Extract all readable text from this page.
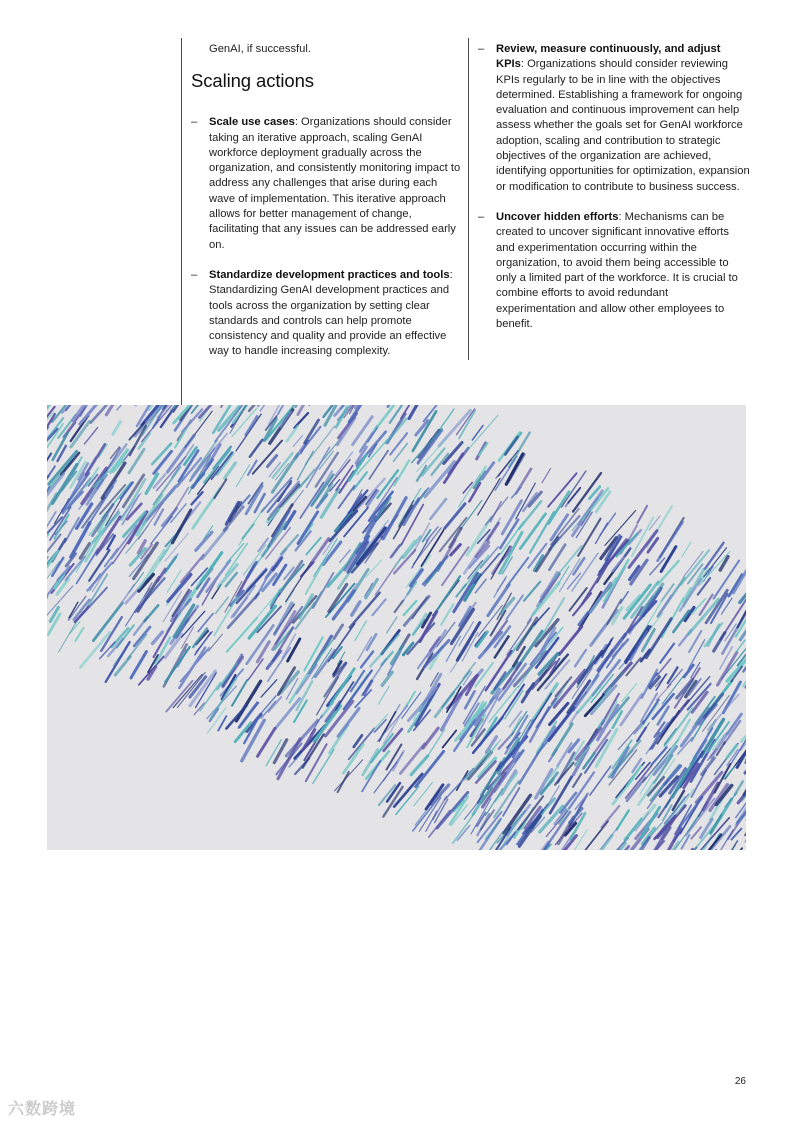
GenAI, if successful.

Scaling actions

– Scale use cases: Organizations should consider taking an iterative approach, scaling GenAI workforce deployment gradually across the organization, and consistently monitoring impact to address any challenges that arise during each wave of implementation. This iterative approach allows for better management of change, facilitating that any issues can be addressed early on.

– Standardize development practices and tools: Standardizing GenAI development practices and tools across the organization by setting clear standards and controls can help promote consistency and quality and provide an effective way to handle increasing complexity.

– Review, measure continuously, and adjust KPIs: Organizations should consider reviewing KPIs regularly to be in line with the objectives determined. Establishing a framework for ongoing evaluation and continuous improvement can help assess whether the goals set for GenAI workforce adoption, scaling and contribution to strategic objectives of the organization are achieved, identifying opportunities for optimization, expansion or modification to contribute to business success.

– Uncover hidden efforts: Mechanisms can be created to uncover significant innovative efforts and experimentation occurring within the organization, to avoid them being accessible to only a limited part of the workforce. It is crucial to combine efforts to avoid redundant experimentation and allow other employees to benefit.

26
六数跨境
